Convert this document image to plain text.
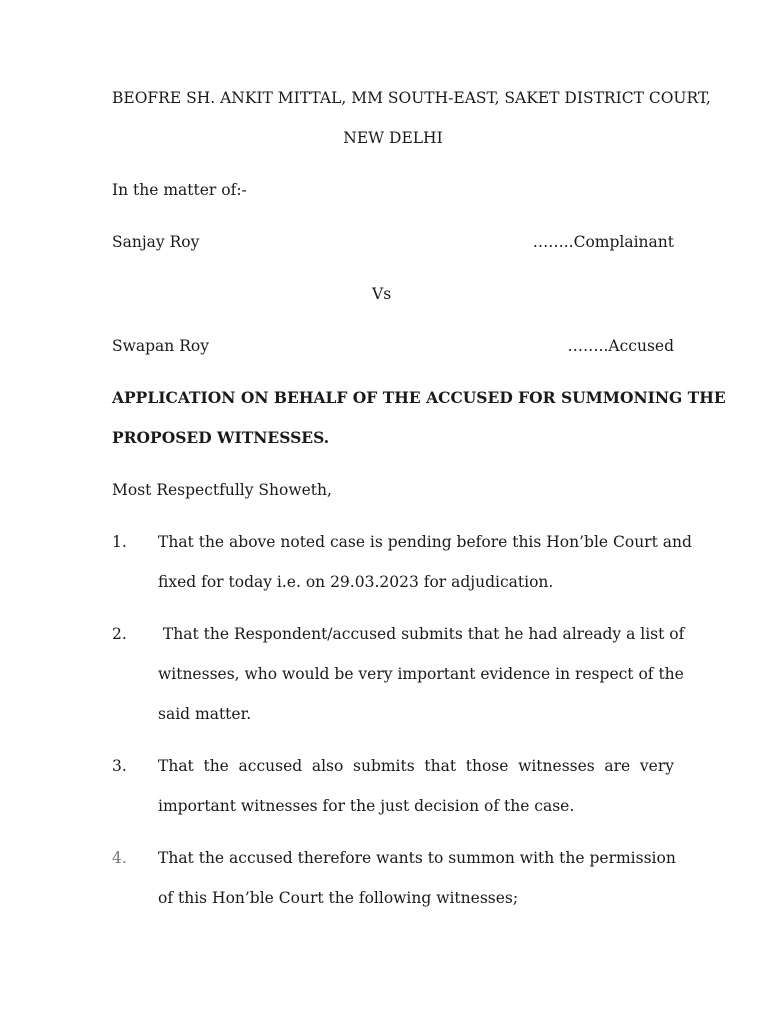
BEOFRE SH. ANKIT MITTAL, MM SOUTH-EAST, SAKET DISTRICT COURT,
NEW DELHI
In the matter of:-
Sanjay Roy	……..Complainant
Vs
Swapan Roy	……..Accused
APPLICATION ON BEHALF OF THE ACCUSED FOR SUMMONING THE
PROPOSED WITNESSES.
Most Respectfully Showeth,
1. That the above noted case is pending before this Hon’ble Court and
fixed for today i.e. on 29.03.2023 for adjudication.
2. That the Respondent/accused submits that he had already a list of
witnesses, who would be very important evidence in respect of the
said matter.
3. That the accused also submits that those witnesses are very
important witnesses for the just decision of the case.
4. That the accused therefore wants to summon with the permission
of this Hon’ble Court the following witnesses;
